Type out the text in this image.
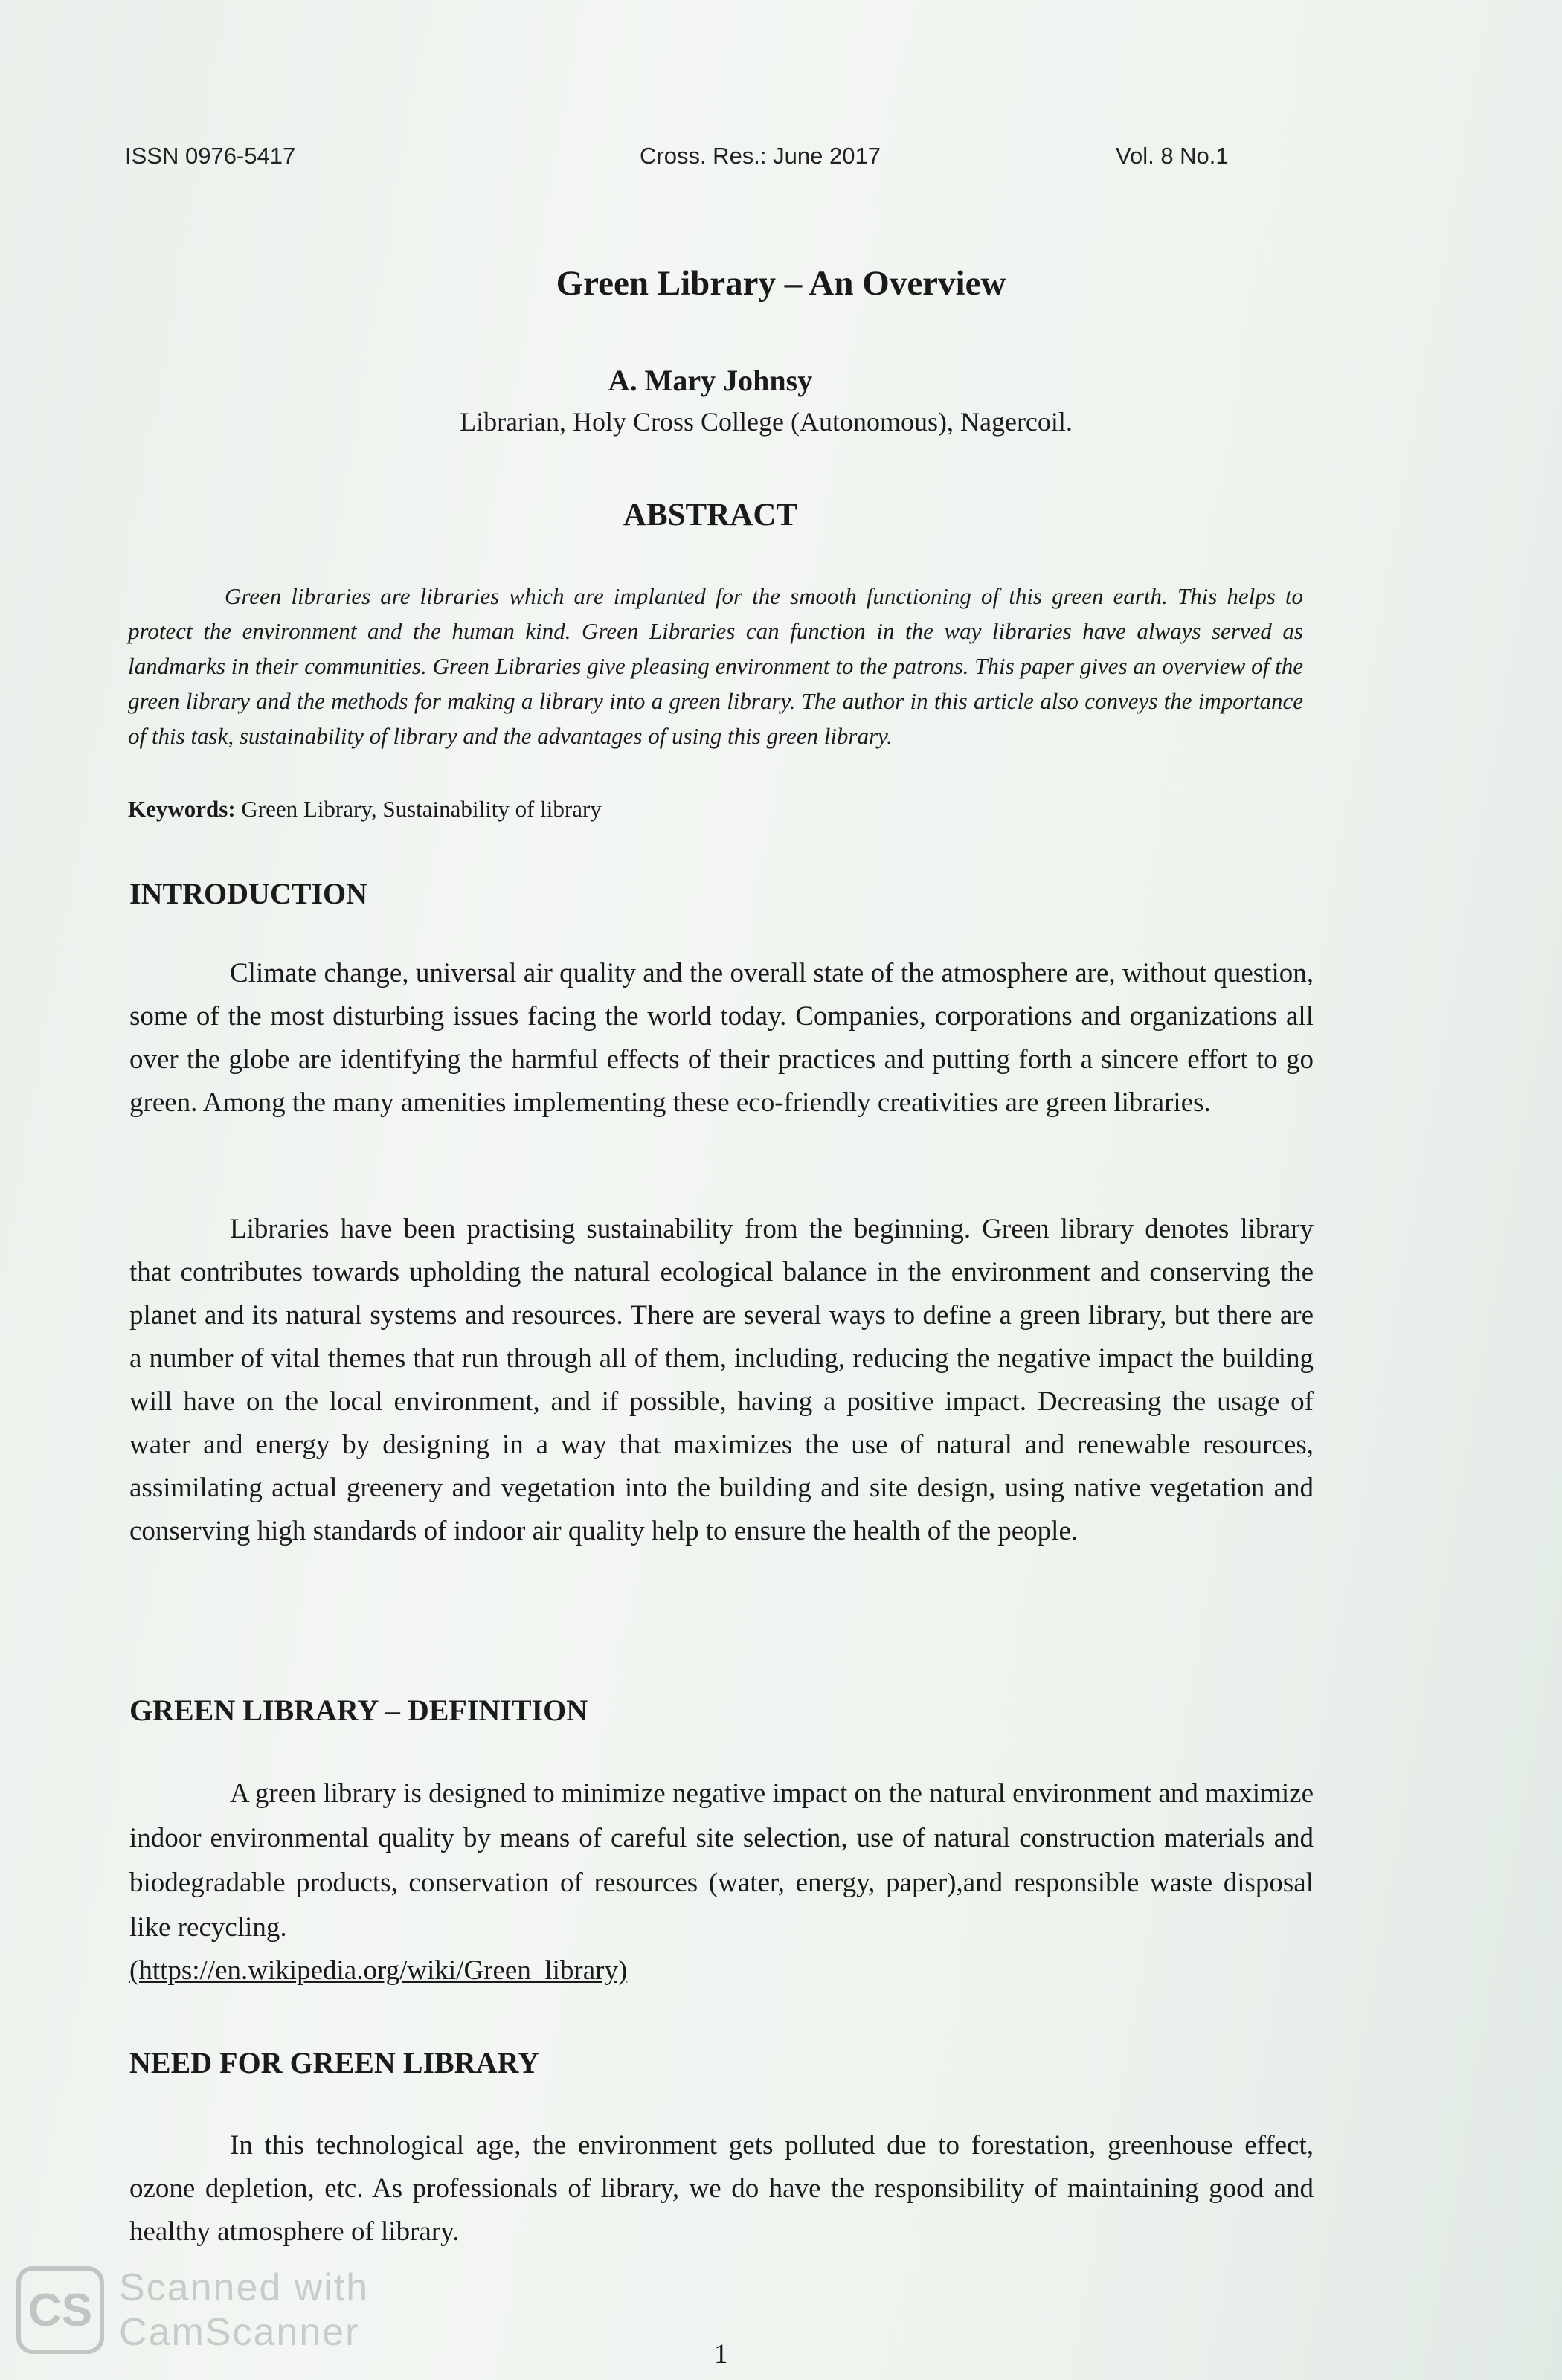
ISSN 0976-5417	Cross. Res.: June 2017	Vol. 8 No.1
Green Library – An Overview
A. Mary Johnsy
Librarian, Holy Cross College (Autonomous), Nagercoil.
ABSTRACT
Green libraries are libraries which are implanted for the smooth functioning of this green earth. This helps to protect the environment and the human kind. Green Libraries can function in the way libraries have always served as landmarks in their communities. Green Libraries give pleasing environment to the patrons. This paper gives an overview of the green library and the methods for making a library into a green library. The author in this article also conveys the importance of this task, sustainability of library and the advantages of using this green library.
Keywords: Green Library, Sustainability of library
INTRODUCTION
Climate change, universal air quality and the overall state of the atmosphere are, without question, some of the most disturbing issues facing the world today. Companies, corporations and organizations all over the globe are identifying the harmful effects of their practices and putting forth a sincere effort to go green. Among the many amenities implementing these eco-friendly creativities are green libraries.
Libraries have been practising sustainability from the beginning. Green library denotes library that contributes towards upholding the natural ecological balance in the environment and conserving the planet and its natural systems and resources. There are several ways to define a green library, but there are a number of vital themes that run through all of them, including, reducing the negative impact the building will have on the local environment, and if possible, having a positive impact. Decreasing the usage of water and energy by designing in a way that maximizes the use of natural and renewable resources, assimilating actual greenery and vegetation into the building and site design, using native vegetation and conserving high standards of indoor air quality help to ensure the health of the people.
GREEN LIBRARY – DEFINITION
A green library is designed to minimize negative impact on the natural environment and maximize indoor environmental quality by means of careful site selection, use of natural construction materials and biodegradable products, conservation of resources (water, energy, paper),and responsible waste disposal like recycling.
(https://en.wikipedia.org/wiki/Green_library)
NEED FOR GREEN LIBRARY
In this technological age, the environment gets polluted due to forestation, greenhouse effect, ozone depletion, etc. As professionals of library, we do have the responsibility of maintaining good and healthy atmosphere of library.
1
CS Scanned with
CamScanner
